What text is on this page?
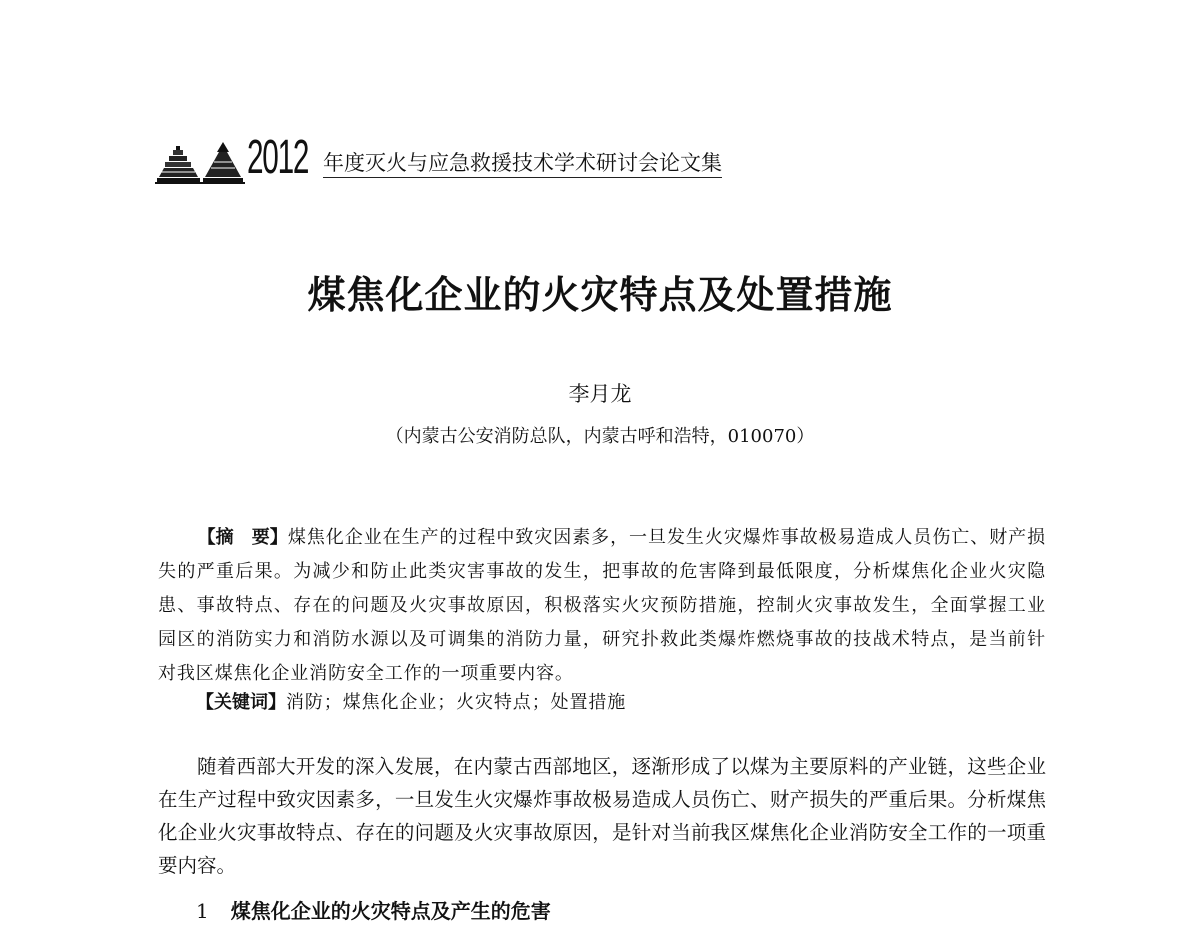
2012 年度灭火与应急救援技术学术研讨会论文集
煤焦化企业的火灾特点及处置措施
李月龙
（内蒙古公安消防总队，内蒙古呼和浩特，010070）

【摘　要】煤焦化企业在生产的过程中致灾因素多，一旦发生火灾爆炸事故极易造成人员伤亡、财产损失的严重后果。为减少和防止此类灾害事故的发生，把事故的危害降到最低限度，分析煤焦化企业火灾隐患、事故特点、存在的问题及火灾事故原因，积极落实火灾预防措施，控制火灾事故发生，全面掌握工业园区的消防实力和消防水源以及可调集的消防力量，研究扑救此类爆炸燃烧事故的技战术特点，是当前针对我区煤焦化企业消防安全工作的一项重要内容。

【关键词】消防；煤焦化企业；火灾特点；处置措施

随着西部大开发的深入发展，在内蒙古西部地区，逐渐形成了以煤为主要原料的产业链，这些企业在生产过程中致灾因素多，一旦发生火灾爆炸事故极易造成人员伤亡、财产损失的严重后果。分析煤焦化企业火灾事故特点、存在的问题及火灾事故原因，是针对当前我区煤焦化企业消防安全工作的一项重要内容。

1 煤焦化企业的火灾特点及产生的危害
